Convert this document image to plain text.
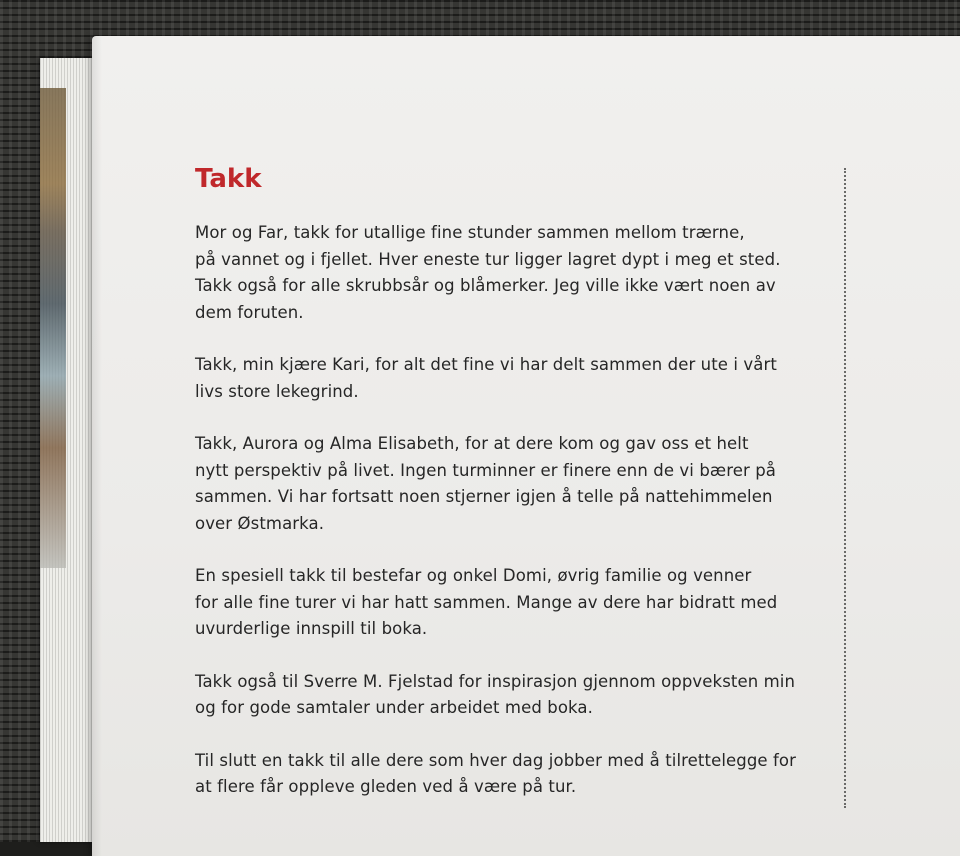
Takk

Mor og Far, takk for utallige fine stunder sammen mellom trærne,
på vannet og i fjellet. Hver eneste tur ligger lagret dypt i meg et sted.
Takk også for alle skrubbsår og blåmerker. Jeg ville ikke vært noen av
dem foruten.

Takk, min kjære Kari, for alt det fine vi har delt sammen der ute i vårt
livs store lekegrind.

Takk, Aurora og Alma Elisabeth, for at dere kom og gav oss et helt
nytt perspektiv på livet. Ingen turminner er finere enn de vi bærer på
sammen. Vi har fortsatt noen stjerner igjen å telle på nattehimmelen
over Østmarka.

En spesiell takk til bestefar og onkel Domi, øvrig familie og venner
for alle fine turer vi har hatt sammen. Mange av dere har bidratt med
uvurderlige innspill til boka.

Takk også til Sverre M. Fjelstad for inspirasjon gjennom oppveksten min
og for gode samtaler under arbeidet med boka.

Til slutt en takk til alle dere som hver dag jobber med å tilrettelegge for
at flere får oppleve gleden ved å være på tur.
